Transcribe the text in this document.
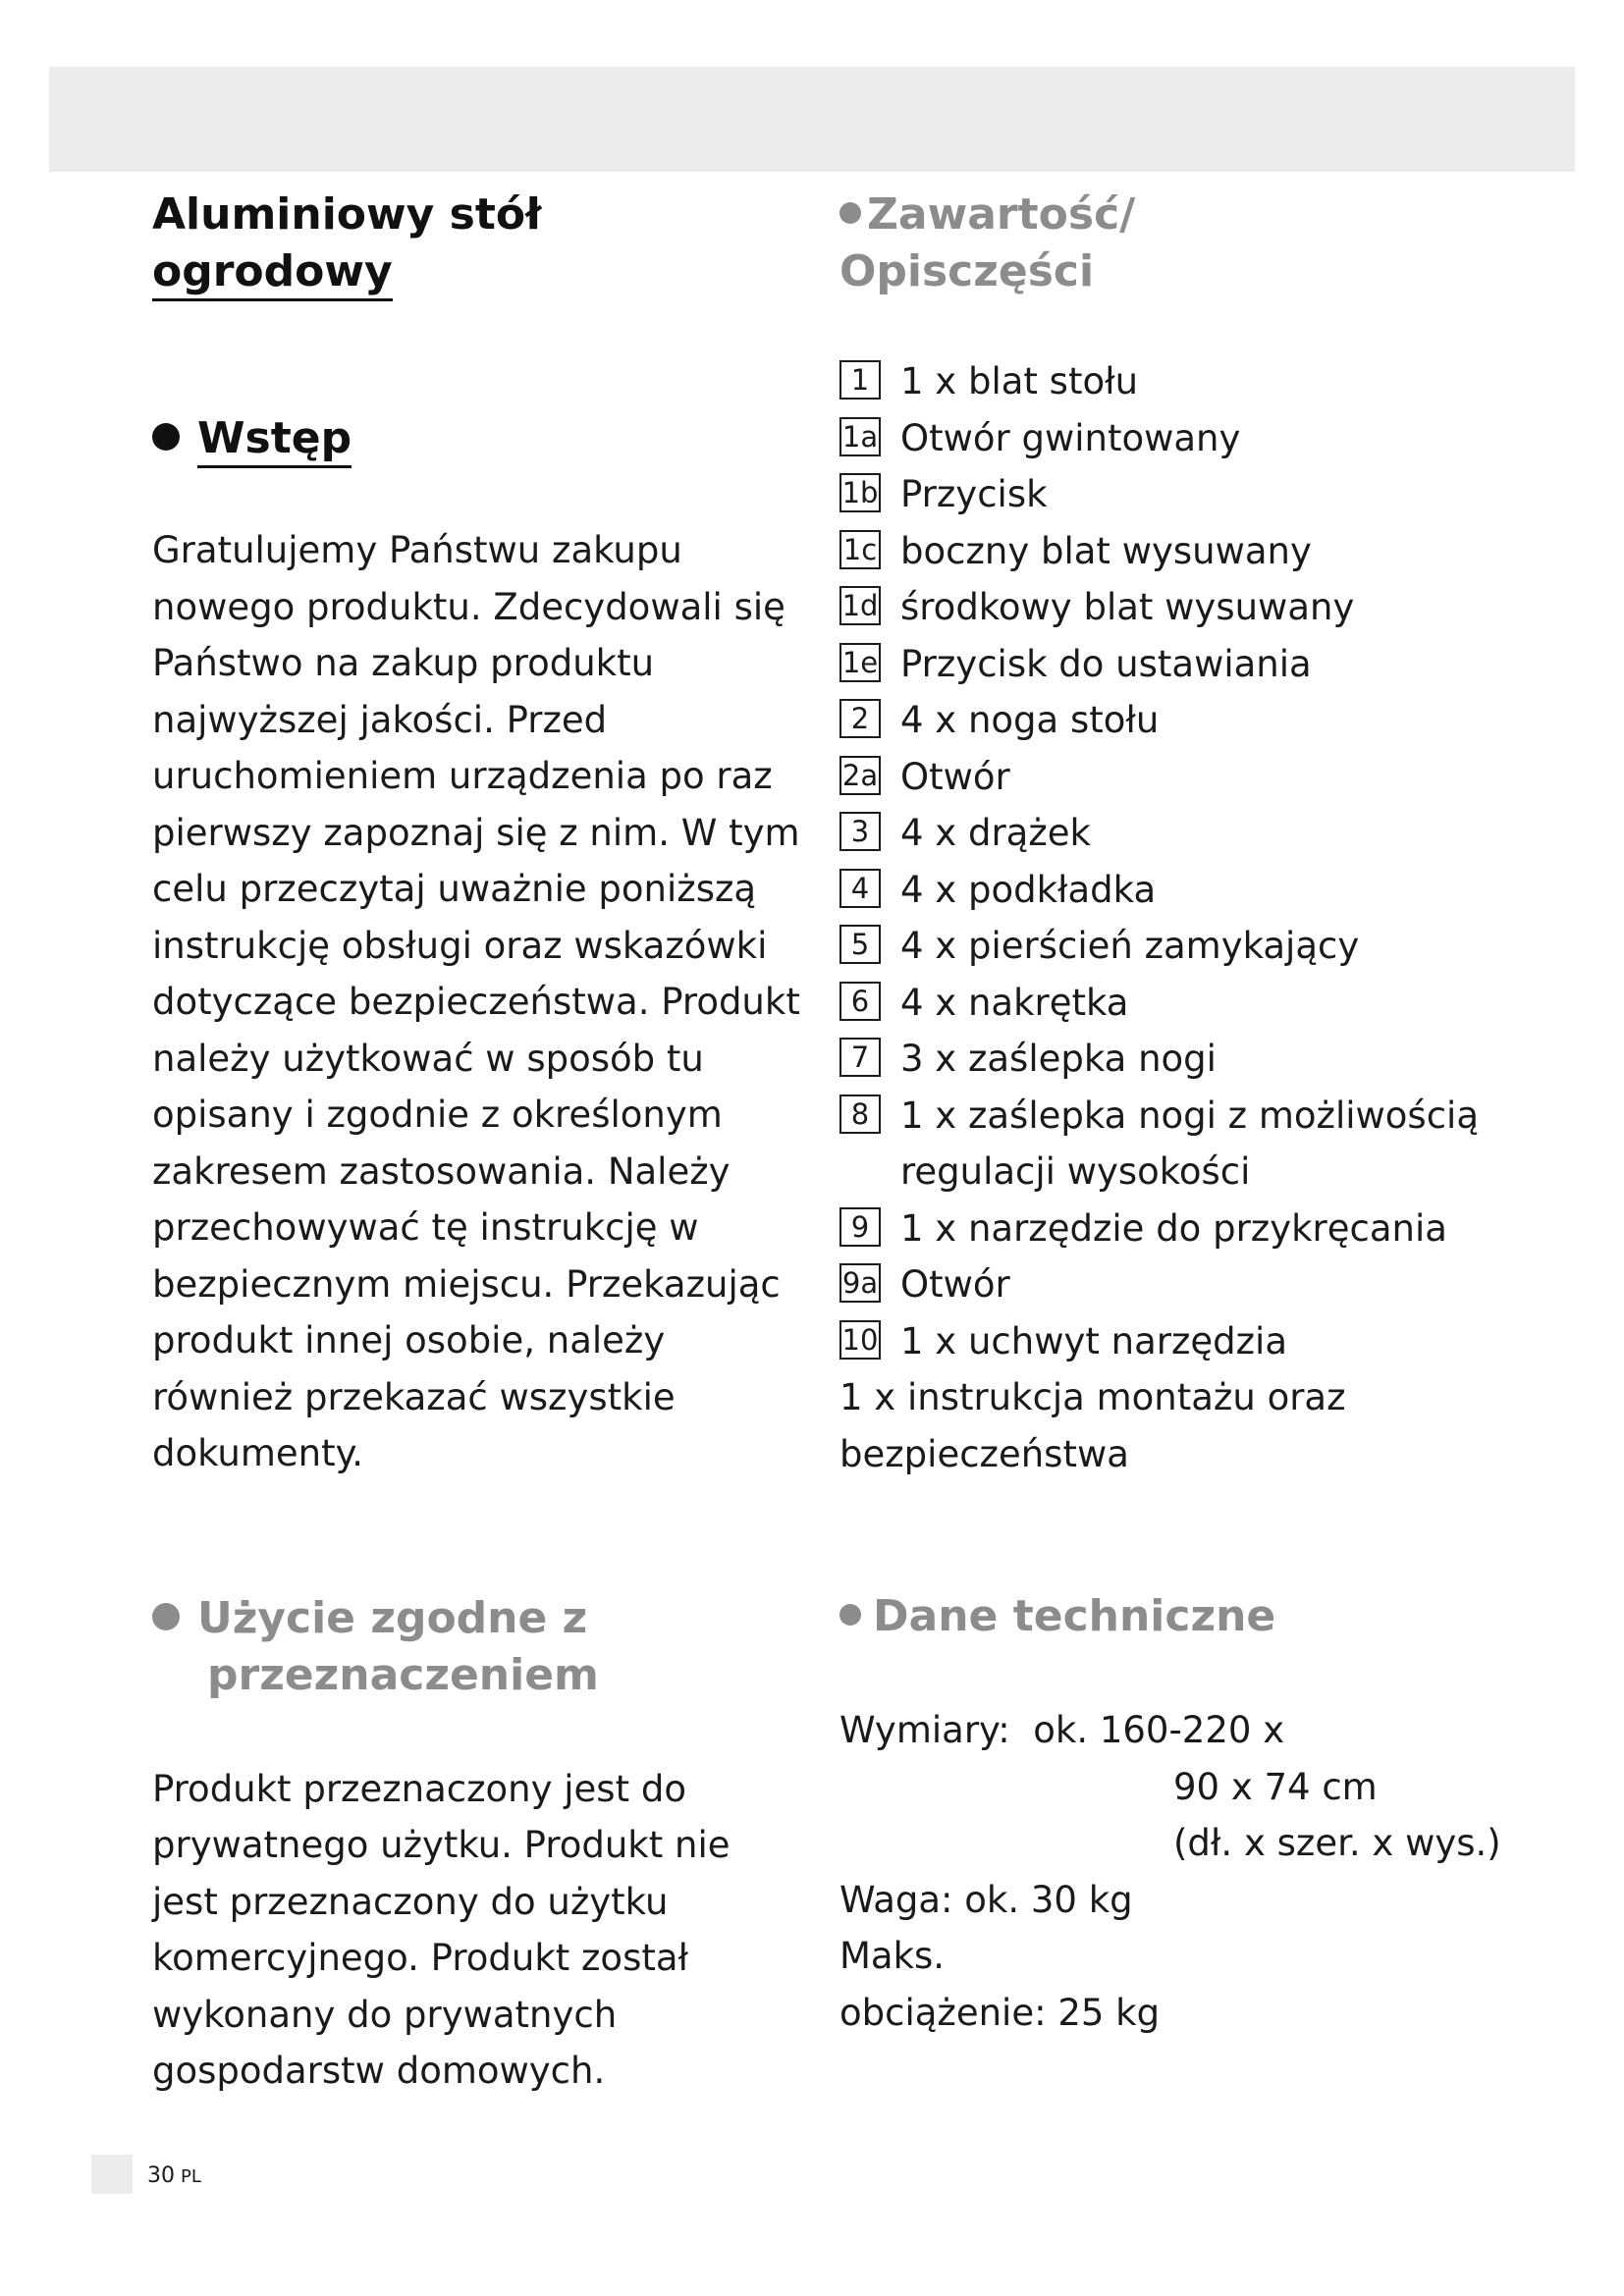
Aluminiowy stół
ogrodowy
Wstęp

Gratulujemy Państwu zakupu nowego produktu. Zdecydowali się Państwo na zakup produktu najwyższej jakości. Przed uruchomieniem urządzenia po raz pierwszy zapoznaj się z nim. W tym celu przeczytaj uważnie poniższą instrukcję obsługi oraz wskazówki dotyczące bezpieczeństwa. Produkt należy użytkować w sposób tu opisany i zgodnie z określonym zakresem zastosowania. Należy przechowywać tę instrukcję w bezpiecznym miejscu. Przekazując produkt innej osobie, należy również przekazać wszystkie dokumenty.

Użycie zgodne z
przeznaczeniem

Produkt przeznaczony jest do prywatnego użytku. Produkt nie jest przeznaczony do użytku komercyjnego. Produkt został wykonany do prywatnych gospodarstw domowych.

Zawartość/
Opisczęści
1 1 x blat stołu
1a Otwór gwintowany
1b Przycisk
1c boczny blat wysuwany
1d środkowy blat wysuwany
1e Przycisk do ustawiania
2 4 x noga stołu
2a Otwór
3 4 x drążek
4 4 x podkładka
5 4 x pierścień zamykający
6 4 x nakrętka
7 3 x zaślepka nogi
8 1 x zaślepka nogi z możliwością regulacji wysokości
9 1 x narzędzie do przykręcania
9a Otwór
10 1 x uchwyt narzędzia

1 x instrukcja montażu oraz bezpieczeństwa

Dane techniczne
Wymiary: ok. 160-220 x
90 x 74 cm
(dł. x szer. x wys.)
Waga: ok. 30 kg
Maks.
obciążenie: 25 kg
30 PL
